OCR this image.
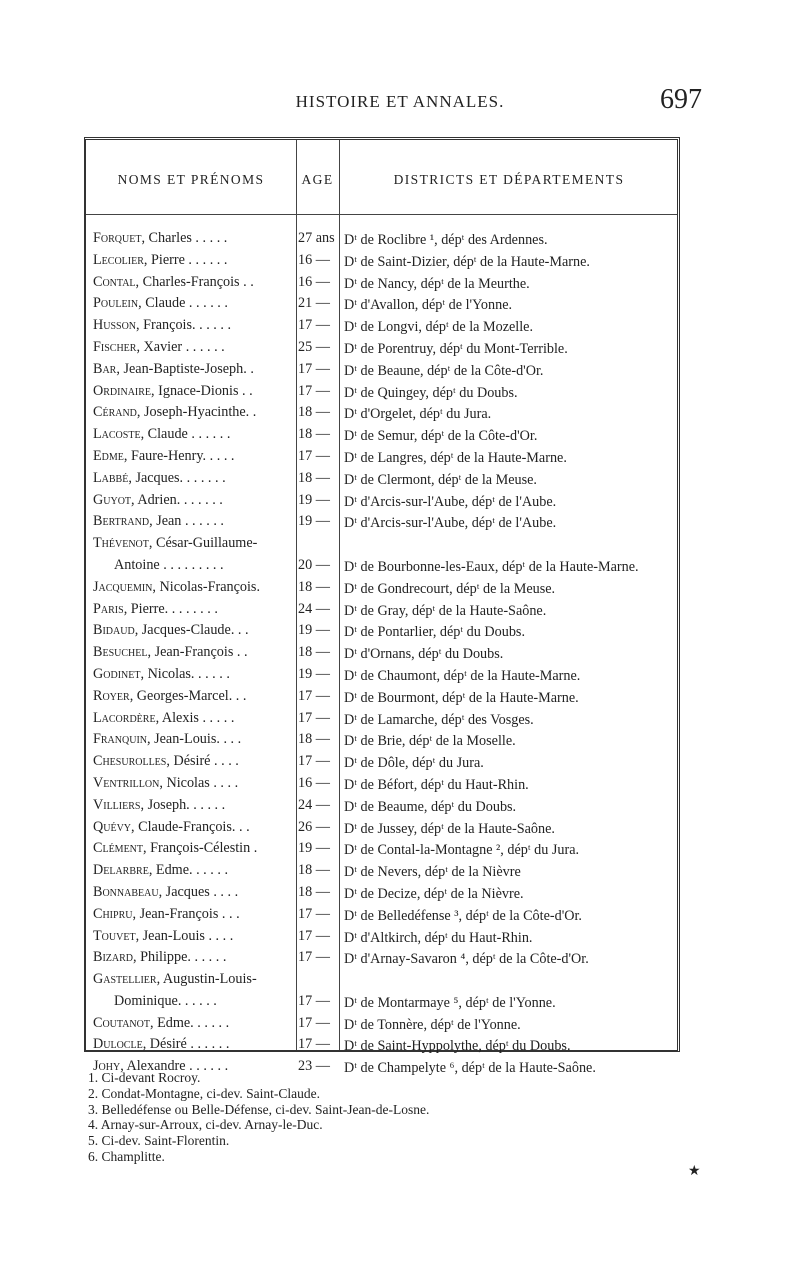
HISTOIRE ET ANNALES.	697
NOMS ET PRÉNOMS	AGE	DISTRICTS ET DÉPARTEMENTS
Forquet, Charles . . . . .	27 ans Dᵗ de Roclibre ¹, dépᵗ des Ardennes.
Lecolier, Pierre . . . . . .	16 — Dᵗ de Saint-Dizier, dépᵗ de la Haute-Marne.
Contal, Charles-François . .	16 — Dᵗ de Nancy, dépᵗ de la Meurthe.
Poulein, Claude . . . . . .	21 — Dᵗ d'Avallon, dépᵗ de l'Yonne.
Husson, François. . . . . .	17 — Dᵗ de Longvi, dépᵗ de la Mozelle.
Fischer, Xavier . . . . . .	25 — Dᵗ de Porentruy, dépᵗ du Mont-Terrible.
Bar, Jean-Baptiste-Joseph. .	17 — Dᵗ de Beaune, dépᵗ de la Côte-d'Or.
Ordinaire, Ignace-Dionis . .	17 — Dᵗ de Quingey, dépᵗ du Doubs.
Cérand, Joseph-Hyacinthe. .	18 — Dᵗ d'Orgelet, dépᵗ du Jura.
Lacoste, Claude . . . . . .	18 — Dᵗ de Semur, dépᵗ de la Côte-d'Or.
Edme, Faure-Henry. . . . .	17 — Dᵗ de Langres, dépᵗ de la Haute-Marne.
Labbé, Jacques. . . . . . .	18 — Dᵗ de Clermont, dépᵗ de la Meuse.
Guyot, Adrien. . . . . . .	19 — Dᵗ d'Arcis-sur-l'Aube, dépᵗ de l'Aube.
Bertrand, Jean . . . . . .	19 — Dᵗ d'Arcis-sur-l'Aube, dépᵗ de l'Aube.
Thévenot, César-Guillaume-
Antoine . . . . . . . . .	20 — Dᵗ de Bourbonne-les-Eaux, dépᵗ de la Haute-Marne.
Jacquemin, Nicolas-François.	18 — Dᵗ de Gondrecourt, dépᵗ de la Meuse.
Paris, Pierre. . . . . . . .	24 — Dᵗ de Gray, dépᵗ de la Haute-Saône.
Bidaud, Jacques-Claude. . .	19 — Dᵗ de Pontarlier, dépᵗ du Doubs.
Besuchel, Jean-François . .	18 — Dᵗ d'Ornans, dépᵗ du Doubs.
Godinet, Nicolas. . . . . .	19 — Dᵗ de Chaumont, dépᵗ de la Haute-Marne.
Royer, Georges-Marcel. . .	17 — Dᵗ de Bourmont, dépᵗ de la Haute-Marne.
Lacordère, Alexis . . . . .	17 — Dᵗ de Lamarche, dépᵗ des Vosges.
Franquin, Jean-Louis. . . .	18 — Dᵗ de Brie, dépᵗ de la Moselle.
Chesurolles, Désiré . . . .	17 — Dᵗ de Dôle, dépᵗ du Jura.
Ventrillon, Nicolas . . . .	16 — Dᵗ de Béfort, dépᵗ du Haut-Rhin.
Villiers, Joseph. . . . . .	24 — Dᵗ de Beaume, dépᵗ du Doubs.
Quévy, Claude-François. . .	26 — Dᵗ de Jussey, dépᵗ de la Haute-Saône.
Clément, François-Célestin .	19 — Dᵗ de Contal-la-Montagne ², dépᵗ du Jura.
Delarbre, Edme. . . . . .	18 — Dᵗ de Nevers, dépᵗ de la Nièvre
Bonnabeau, Jacques . . . .	18 — Dᵗ de Decize, dépᵗ de la Nièvre.
Chipru, Jean-François . . .	17 — Dᵗ de Belledéfense ³, dépᵗ de la Côte-d'Or.
Touvet, Jean-Louis . . . .	17 — Dᵗ d'Altkirch, dépᵗ du Haut-Rhin.
Bizard, Philippe. . . . . .	17 — Dᵗ d'Arnay-Savaron ⁴, dépᵗ de la Côte-d'Or.
Gastellier, Augustin-Louis-
Dominique. . . . . .	17 — Dᵗ de Montarmaye ⁵, dépᵗ de l'Yonne.
Coutanot, Edme. . . . . .	17 — Dᵗ de Tonnère, dépᵗ de l'Yonne.
Dulocle, Désiré . . . . . .	17 — Dᵗ de Saint-Hyppolythe, dépᵗ du Doubs.
Johy, Alexandre . . . . . .	23 — Dᵗ de Champelyte ⁶, dépᵗ de la Haute-Saône.
1. Ci-devant Rocroy.
2. Condat-Montagne, ci-dev. Saint-Claude.
3. Belledéfense ou Belle-Défense, ci-dev. Saint-Jean-de-Losne.
4. Arnay-sur-Arroux, ci-dev. Arnay-le-Duc.
5. Ci-dev. Saint-Florentin.
6. Champlitte.
★
